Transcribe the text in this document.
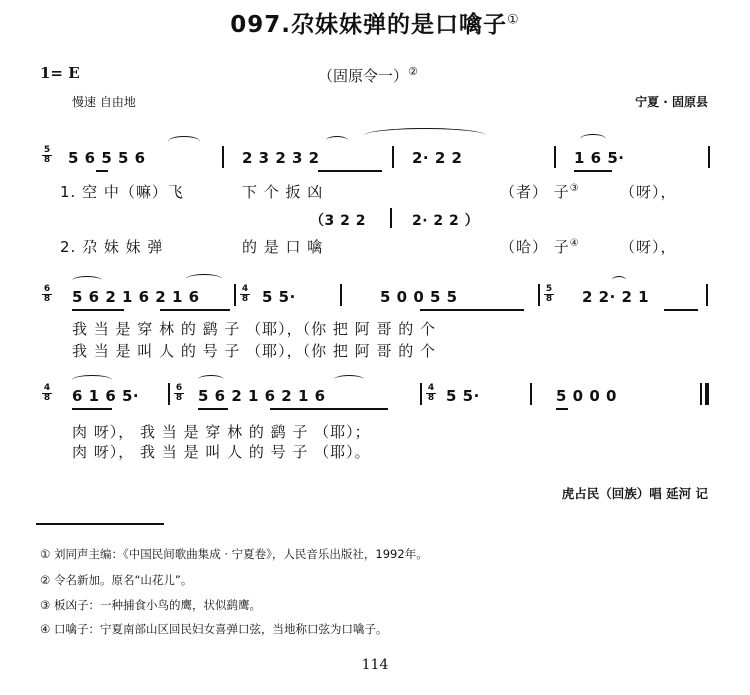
097.尕妹妹弹的是口噙子①
1= E	（固原令一）②
慢速 自由地	宁夏 · 固原县
5
8 5 6 5 5 6	2 3 2 3 2	2· 2 2	1 6 5·
1. 空 中（嘛）飞	下 个 扳 凶	（者） 子③	（呀），
（3 2 2	2· 2 2 ）
2. 尕 妹 妹 弹	的 是 口 噙	（哈） 子④	（呀），
6
8 5 6 2 1 6 2 1 6	4
8 5 5·	5 0 0 5 5	5
8 2 2· 2 1
我 当 是 穿 林 的 鹞 子 （耶），（你 把 阿 哥 的 个
我 当 是 叫 人 的 号 子 （耶），（你 把 阿 哥 的 个
4
8 6 1 6 5·	6
8 5 6 2 1 6 2 1 6	4
8 5 5·	5 0 0 0
肉 呀）， 我 当 是 穿 林 的 鹞 子 （耶）；
肉 呀）， 我 当 是 叫 人 的 号 子 （耶）。
虎占民（回族）唱 延河 记
① 刘同声主编：《中国民间歌曲集成 · 宁夏卷》，人民音乐出版社，1992年。
② 令名新加。原名“山花儿”。
③ 板凶子：一种捕食小鸟的鹰，状似鹞鹰。
④ 口噙子：宁夏南部山区回民妇女喜弹口弦，当地称口弦为口噙子。
114
